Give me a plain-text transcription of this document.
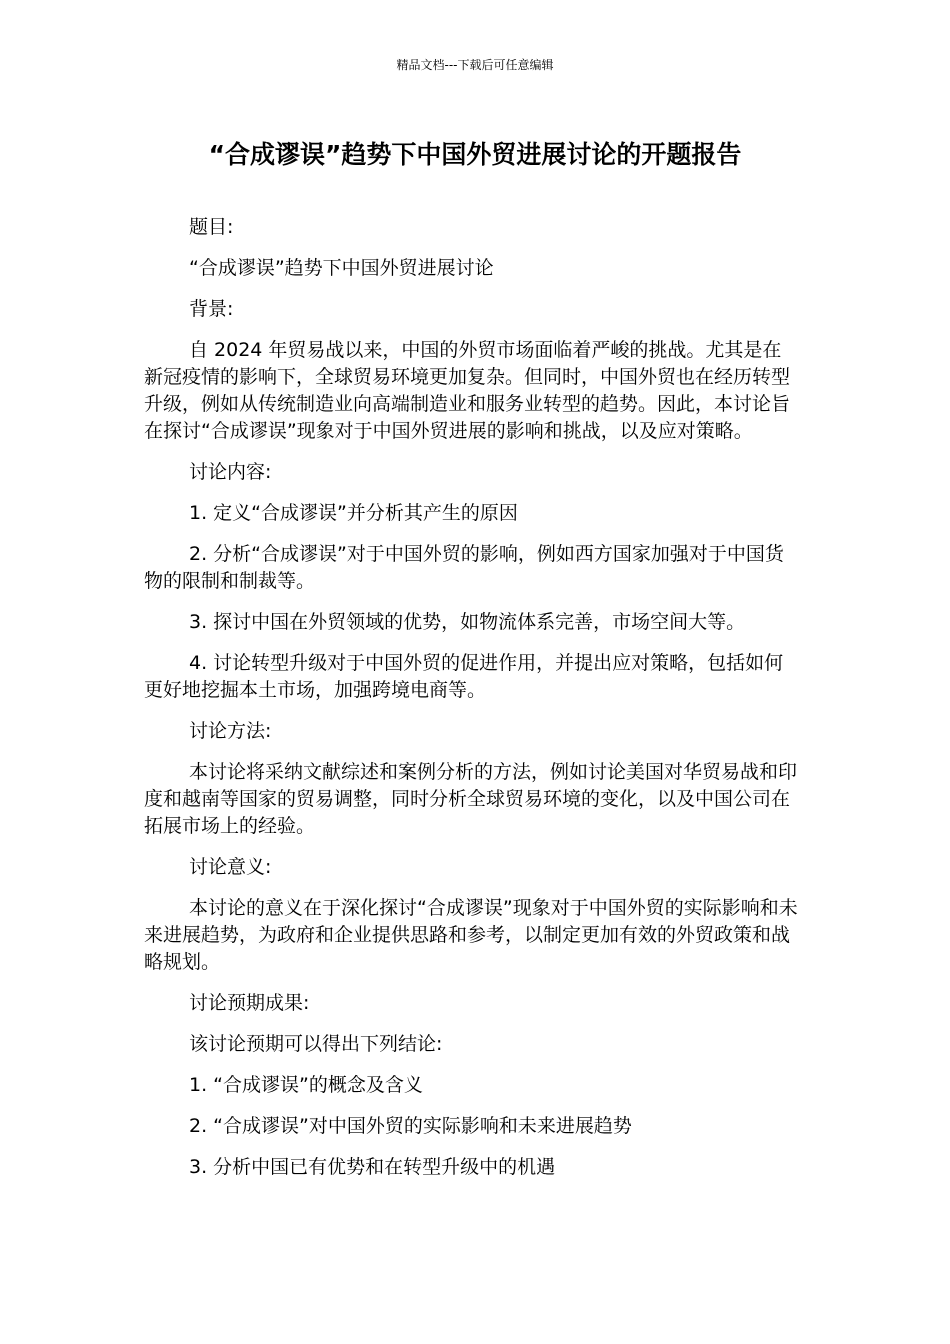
精品文档---下载后可任意编辑
“合成谬误”趋势下中国外贸进展讨论的开题报告

题目:

“合成谬误”趋势下中国外贸进展讨论

背景:

自 2024 年贸易战以来，中国的外贸市场面临着严峻的挑战。尤其是在新冠疫情的影响下，全球贸易环境更加复杂。但同时，中国外贸也在经历转型升级，例如从传统制造业向高端制造业和服务业转型的趋势。因此，本讨论旨在探讨“合成谬误”现象对于中国外贸进展的影响和挑战，以及应对策略。

讨论内容:

1. 定义“合成谬误”并分析其产生的原因

2. 分析“合成谬误”对于中国外贸的影响，例如西方国家加强对于中国货物的限制和制裁等。

3. 探讨中国在外贸领域的优势，如物流体系完善，市场空间大等。

4. 讨论转型升级对于中国外贸的促进作用，并提出应对策略，包括如何更好地挖掘本土市场，加强跨境电商等。

讨论方法:

本讨论将采纳文献综述和案例分析的方法，例如讨论美国对华贸易战和印度和越南等国家的贸易调整，同时分析全球贸易环境的变化，以及中国公司在拓展市场上的经验。

讨论意义:

本讨论的意义在于深化探讨“合成谬误”现象对于中国外贸的实际影响和未来进展趋势，为政府和企业提供思路和参考，以制定更加有效的外贸政策和战略规划。

讨论预期成果:

该讨论预期可以得出下列结论:

1. “合成谬误”的概念及含义

2. “合成谬误”对中国外贸的实际影响和未来进展趋势

3. 分析中国已有优势和在转型升级中的机遇
